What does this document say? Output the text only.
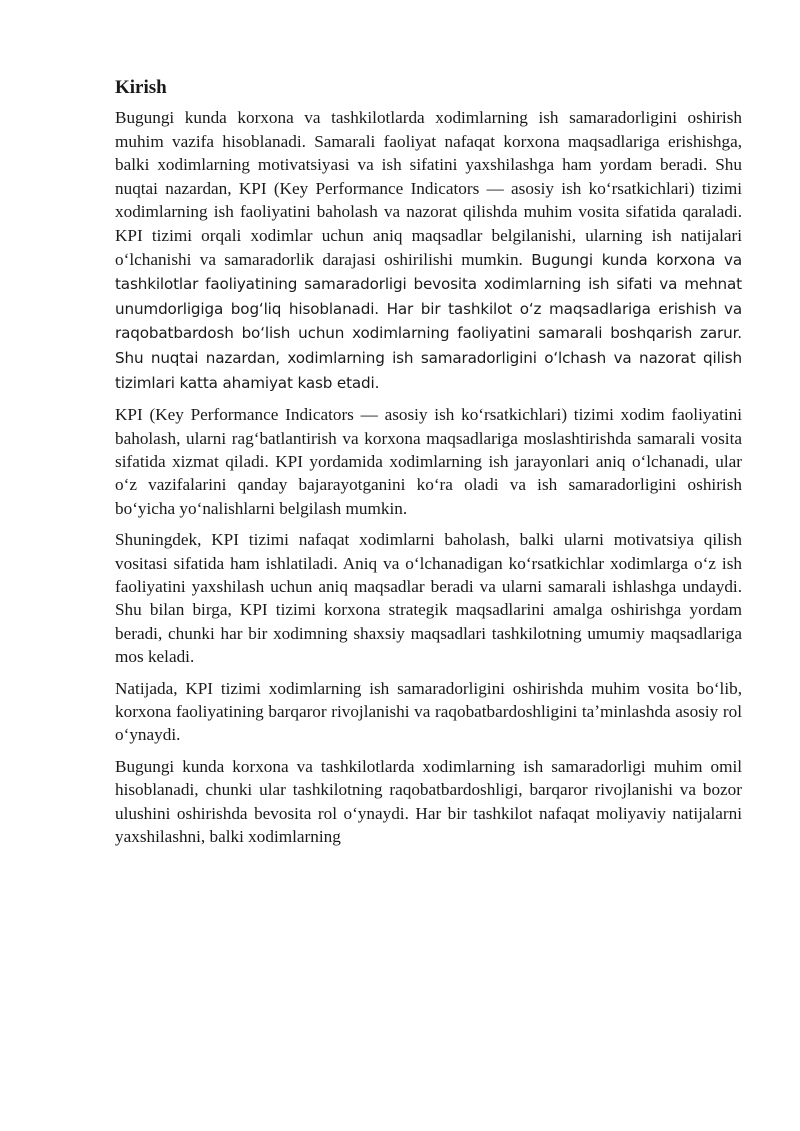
Kirish

Bugungi kunda korxona va tashkilotlarda xodimlarning ish samaradorligini oshirish muhim vazifa hisoblanadi. Samarali faoliyat nafaqat korxona maqsadlariga erishishga, balki xodimlarning motivatsiyasi va ish sifatini yaxshilashga ham yordam beradi. Shu nuqtai nazardan, KPI (Key Performance Indicators — asosiy ish koʻrsatkichlari) tizimi xodimlarning ish faoliyatini baholash va nazorat qilishda muhim vosita sifatida qaraladi. KPI tizimi orqali xodimlar uchun aniq maqsadlar belgilanishi, ularning ish natijalari oʻlchanishi va samaradorlik darajasi oshirilishi mumkin. Bugungi kunda korxona va tashkilotlar faoliyatining samaradorligi bevosita xodimlarning ish sifati va mehnat unumdorligiga bogʻliq hisoblanadi. Har bir tashkilot oʻz maqsadlariga erishish va raqobatbardosh boʻlish uchun xodimlarning faoliyatini samarali boshqarish zarur. Shu nuqtai nazardan, xodimlarning ish samaradorligini oʻlchash va nazorat qilish tizimlari katta ahamiyat kasb etadi.

KPI (Key Performance Indicators — asosiy ish koʻrsatkichlari) tizimi xodim faoliyatini baholash, ularni ragʻbatlantirish va korxona maqsadlariga moslashtirishda samarali vosita sifatida xizmat qiladi. KPI yordamida xodimlarning ish jarayonlari aniq oʻlchanadi, ular oʻz vazifalarini qanday bajarayotganini koʻra oladi va ish samaradorligini oshirish boʻyicha yoʻnalishlarni belgilash mumkin.

Shuningdek, KPI tizimi nafaqat xodimlarni baholash, balki ularni motivatsiya qilish vositasi sifatida ham ishlatiladi. Aniq va oʻlchanadigan koʻrsatkichlar xodimlarga oʻz ish faoliyatini yaxshilash uchun aniq maqsadlar beradi va ularni samarali ishlashga undaydi. Shu bilan birga, KPI tizimi korxona strategik maqsadlarini amalga oshirishga yordam beradi, chunki har bir xodimning shaxsiy maqsadlari tashkilotning umumiy maqsadlariga mos keladi.

Natijada, KPI tizimi xodimlarning ish samaradorligini oshirishda muhim vosita boʻlib, korxona faoliyatining barqaror rivojlanishi va raqobatbardoshligini taʼminlashda asosiy rol oʻynaydi.

Bugungi kunda korxona va tashkilotlarda xodimlarning ish samaradorligi muhim omil hisoblanadi, chunki ular tashkilotning raqobatbardoshligi, barqaror rivojlanishi va bozor ulushini oshirishda bevosita rol oʻynaydi. Har bir tashkilot nafaqat moliyaviy natijalarni yaxshilashni, balki xodimlarning
